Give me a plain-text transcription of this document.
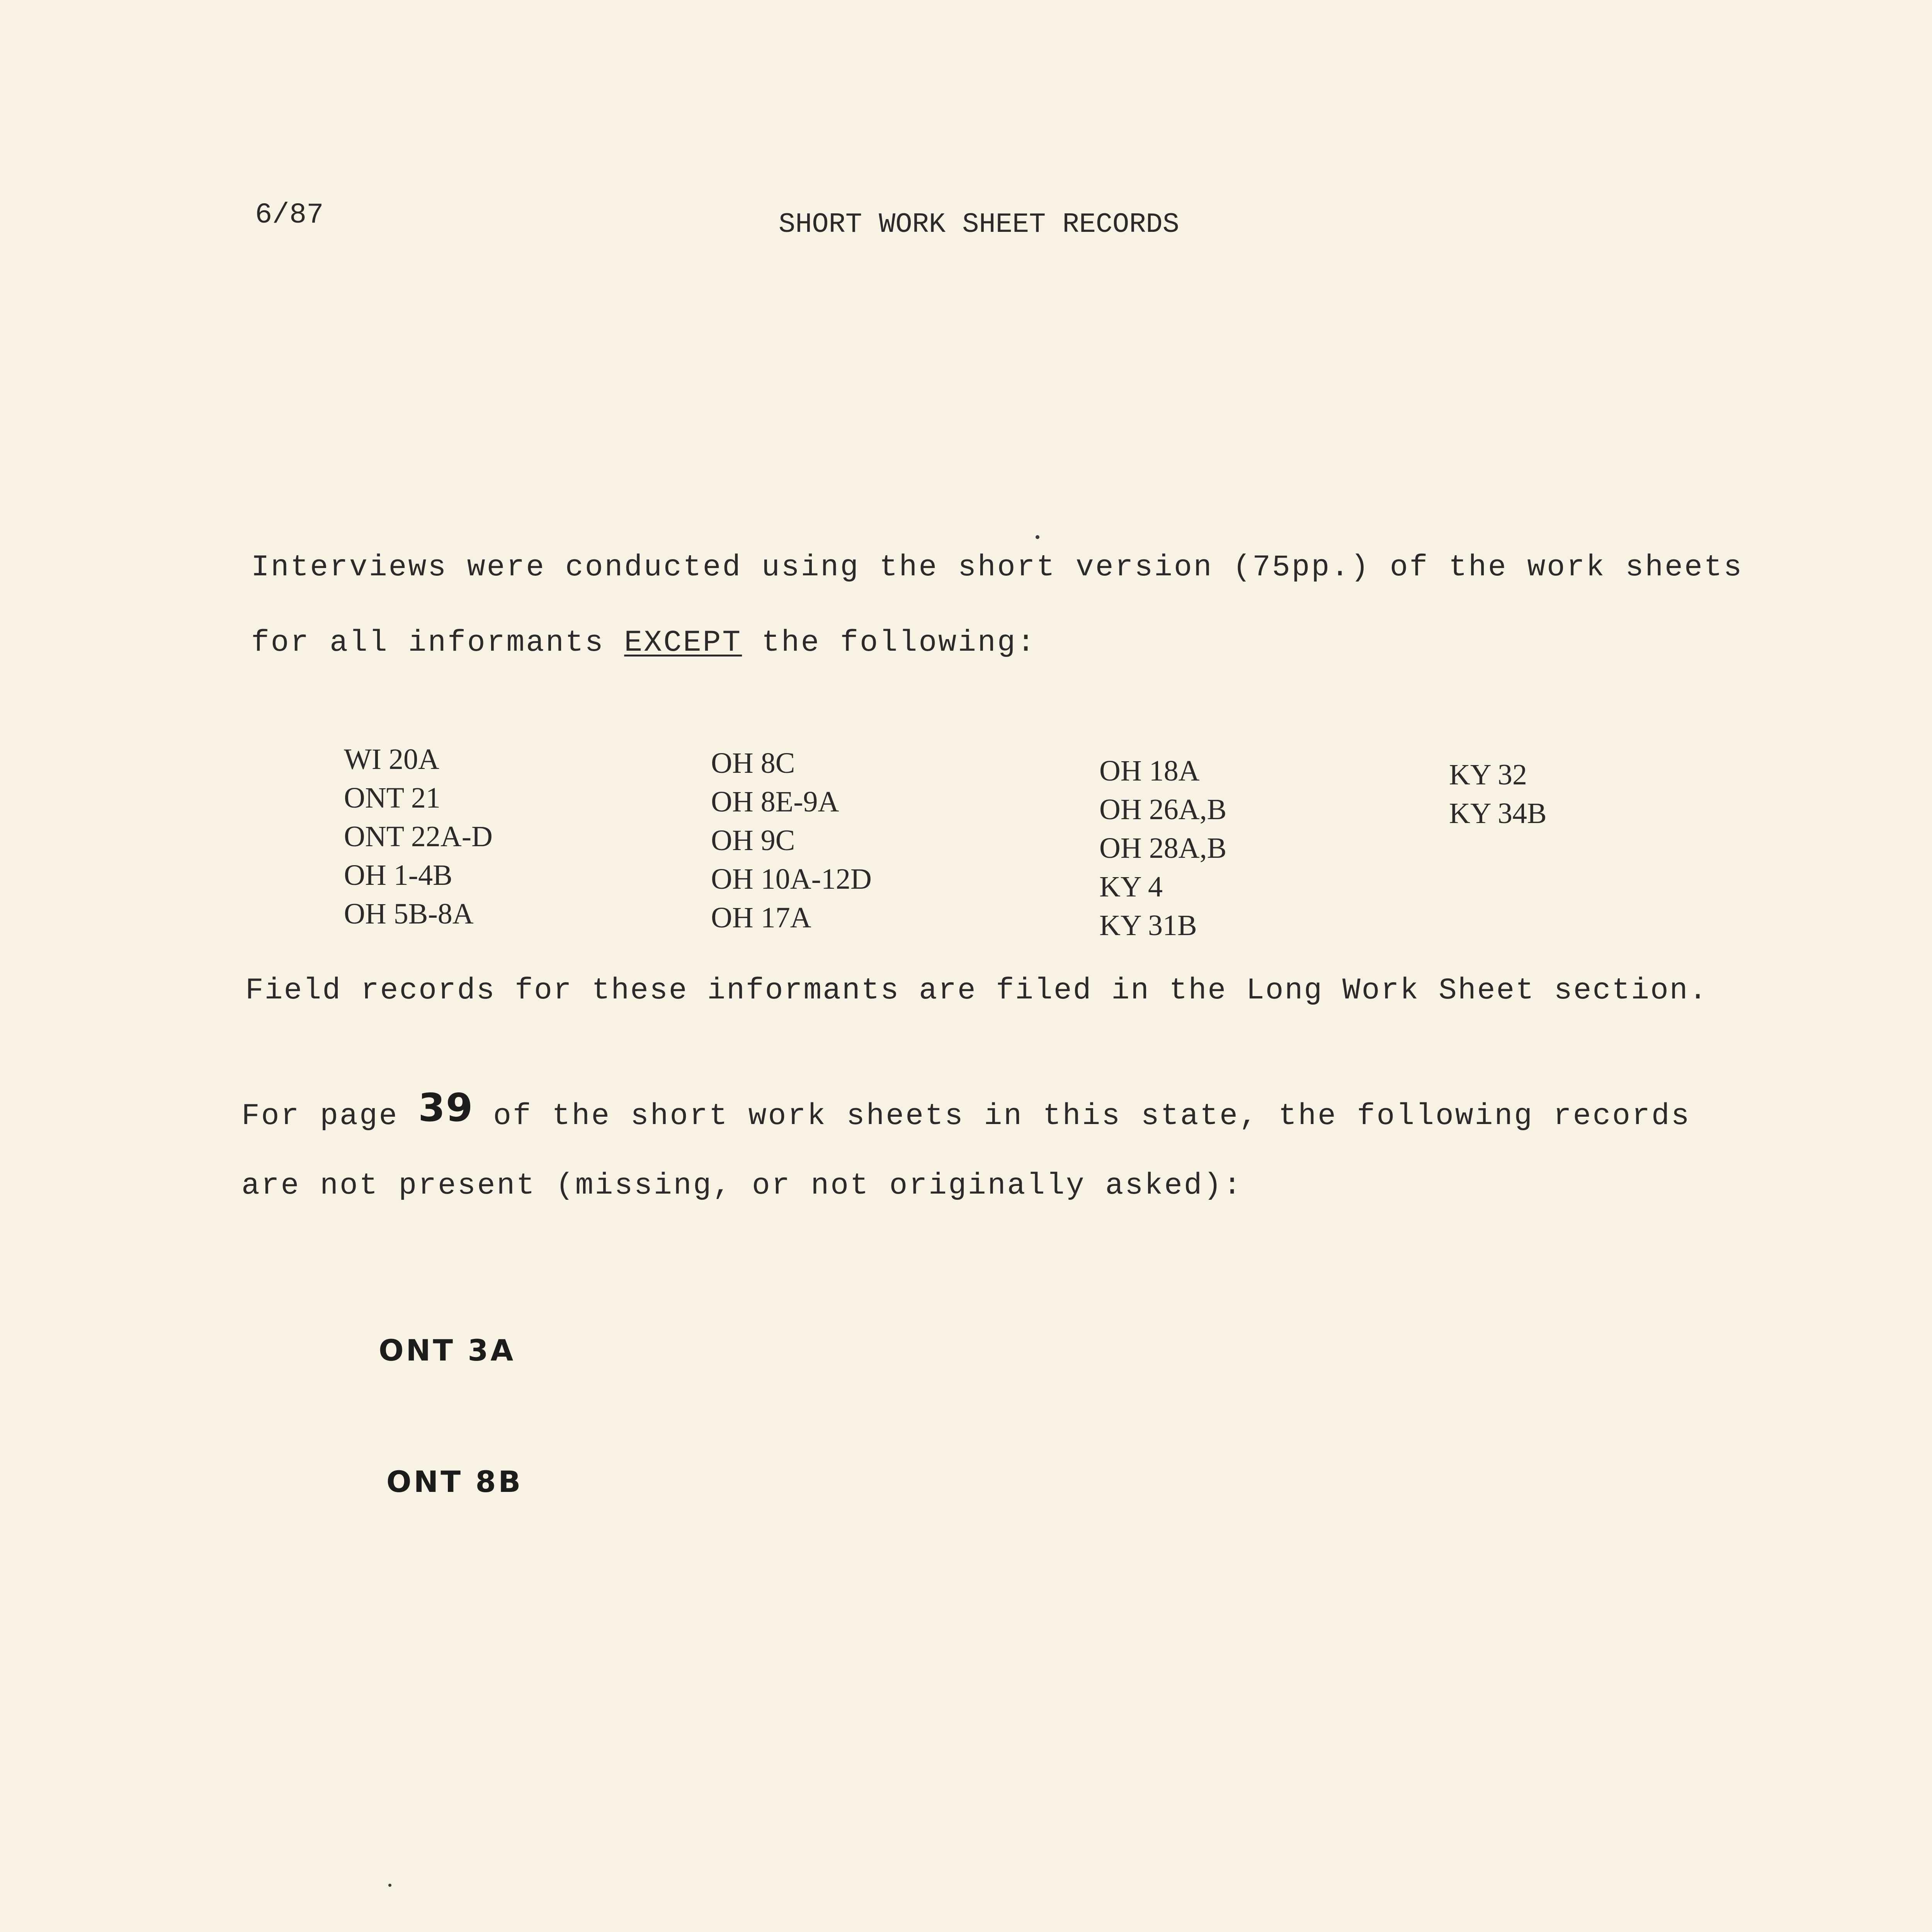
6/87	SHORT WORK SHEET RECORDS
Interviews were conducted using the short version (75pp.) of the work sheets
for all informants EXCEPT the following:
WI 20A
ONT 21
ONT 22A-D
OH 1-4B
OH 5B-8A
OH 8C
OH 8E-9A
OH 9C
OH 10A-12D
OH 17A
OH 18A
OH 26A,B
OH 28A,B
KY 4
KY 31B
KY 32
KY 34B
Field records for these informants are filed in the Long Work Sheet section.
For page 39 of the short work sheets in this state, the following records
are not present (missing, or not originally asked):
ONT 3A
ONT 8B
